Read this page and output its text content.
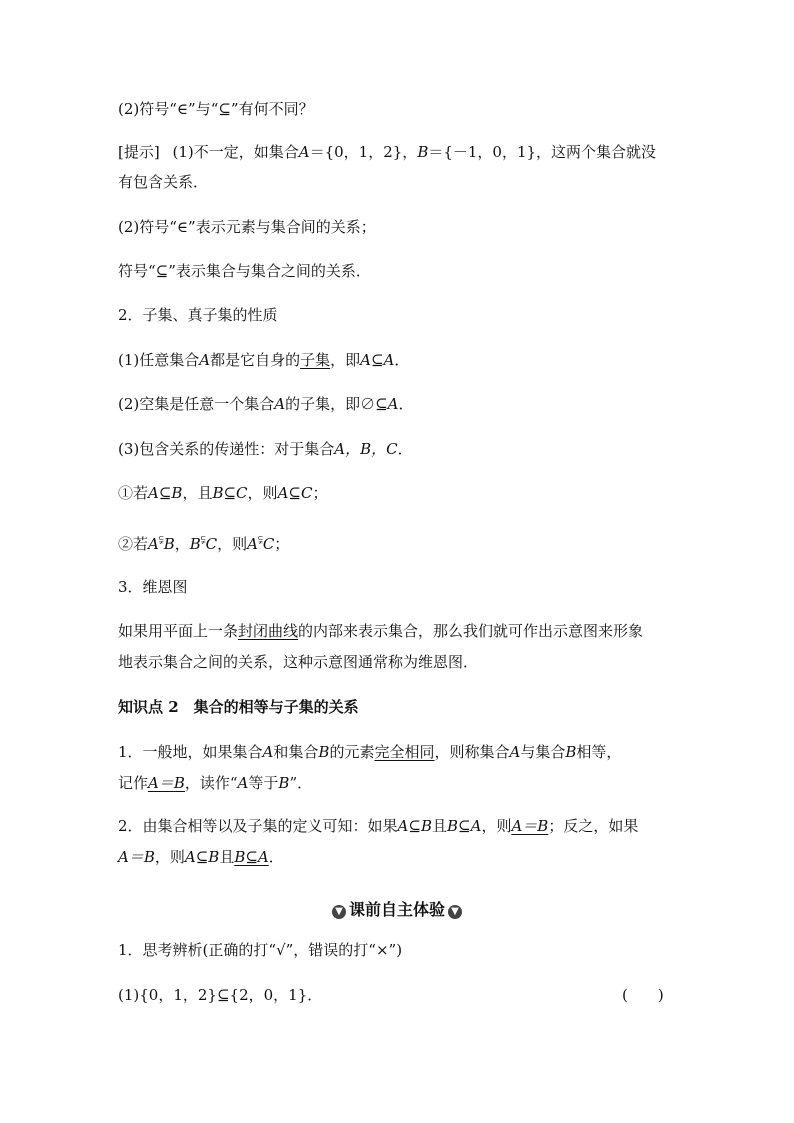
(2)符号“∈”与“⊆”有何不同？
[提示] (1)不一定，如集合A＝{0，1，2}，B＝{－1，0，1}，这两个集合就没
有包含关系．
(2)符号“∈”表示元素与集合间的关系；
符号“⊆”表示集合与集合之间的关系．
2．子集、真子集的性质
(1)任意集合A都是它自身的子集，即A⊆A．
(2)空集是任意一个集合A的子集，即∅⊆A．
(3)包含关系的传递性：对于集合A，B，C．
①若A⊆B，且B⊆C，则A⊆C；
②若A⫋B，B⫋C，则A⫋C；
3．维恩图
如果用平面上一条封闭曲线的内部来表示集合，那么我们就可作出示意图来形象
地表示集合之间的关系，这种示意图通常称为维恩图．
知识点 2　集合的相等与子集的关系
1．一般地，如果集合A和集合B的元素完全相同，则称集合A与集合B相等，
记作A＝B，读作“A等于B”．
2．由集合相等以及子集的定义可知：如果A⊆B且B⊆A，则A＝B；反之，如果
A＝B，则A⊆B且B⊆A．
▼ 课前自主体验 ▼
1．思考辨析(正确的打“√”，错误的打“×”)
(1){0，1，2}⊆{2，0，1}．	(　　)
